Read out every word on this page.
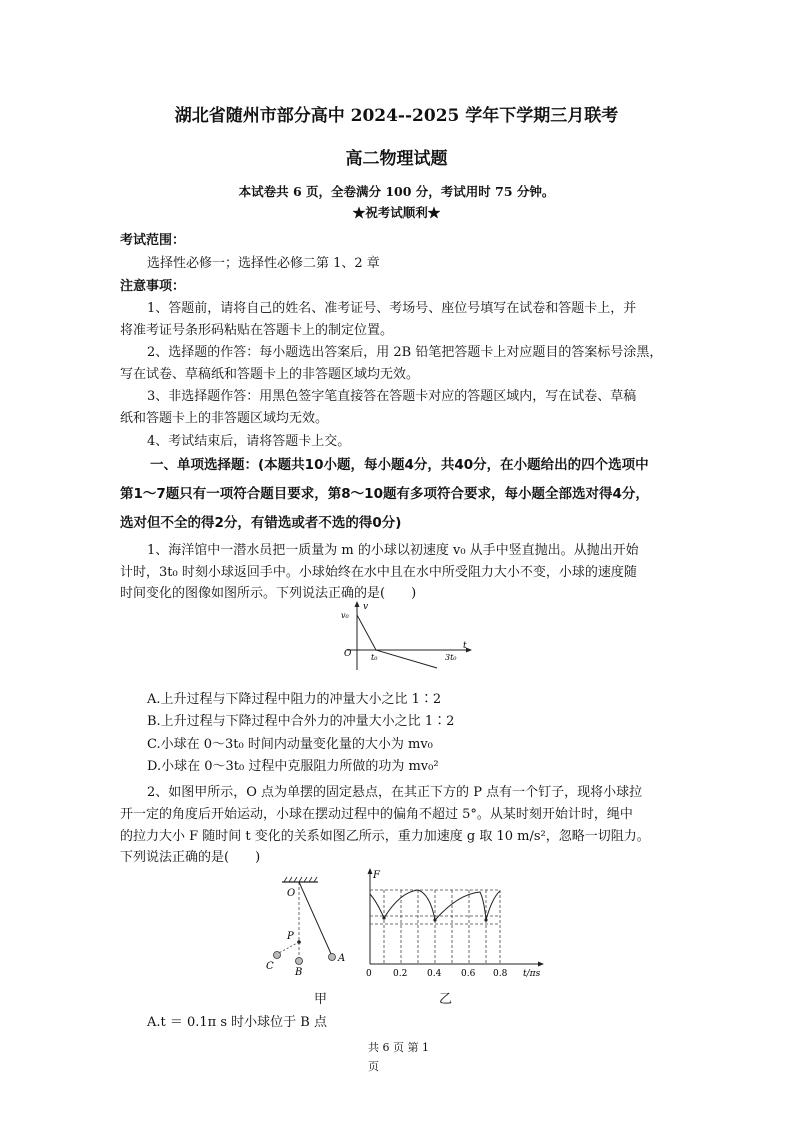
湖北省随州市部分高中 2024--2025 学年下学期三月联考
高二物理试题
本试卷共 6 页，全卷满分 100 分，考试用时 75 分钟。
★祝考试顺利★
考试范围：
选择性必修一；选择性必修二第 1、2 章
注意事项：
1、答题前，请将自己的姓名、准考证号、考场号、座位号填写在试卷和答题卡上，并
将准考证号条形码粘贴在答题卡上的制定位置。
2、选择题的作答：每小题选出答案后，用 2B 铅笔把答题卡上对应题目的答案标号涂黑，
写在试卷、草稿纸和答题卡上的非答题区域均无效。
3、非选择题作答：用黑色签字笔直接答在答题卡对应的答题区域内，写在试卷、草稿
纸和答题卡上的非答题区域均无效。
4、考试结束后，请将答题卡上交。
一、单项选择题：(本题共10小题，每小题4分，共40分，在小题给出的四个选项中
第1～7题只有一项符合题目要求，第8～10题有多项符合要求，每小题全部选对得4分，
选对但不全的得2分，有错选或者不选的得0分)
1、海洋馆中一潜水员把一质量为 m 的小球以初速度 v₀ 从手中竖直抛出。从抛出开始
计时，3t₀ 时刻小球返回手中。小球始终在水中且在水中所受阻力大小不变，小球的速度随
时间变化的图像如图所示。下列说法正确的是(　　)
v
v₀
O t₀	3t₀
t
A.上升过程与下降过程中阻力的冲量大小之比 1∶2
B.上升过程与下降过程中合外力的冲量大小之比 1∶2
C.小球在 0～3t₀ 时间内动量变化量的大小为 mv₀
D.小球在 0～3t₀ 过程中克服阻力所做的功为 mv₀²
2、如图甲所示，O 点为单摆的固定悬点，在其正下方的 P 点有一个钉子，现将小球拉
开一定的角度后开始运动，小球在摆动过程中的偏角不超过 5°。从某时刻开始计时，绳中
的拉力大小 F 随时间 t 变化的关系如图乙所示，重力加速度 g 取 10 m/s²，忽略一切阻力。
下列说法正确的是(　　)
O
P
A
B
C
甲
F
0 0.2 0.4 0.6 0.8 t/πs
乙
A.t ＝ 0.1π s 时小球位于 B 点
共 6 页 第 1
页
